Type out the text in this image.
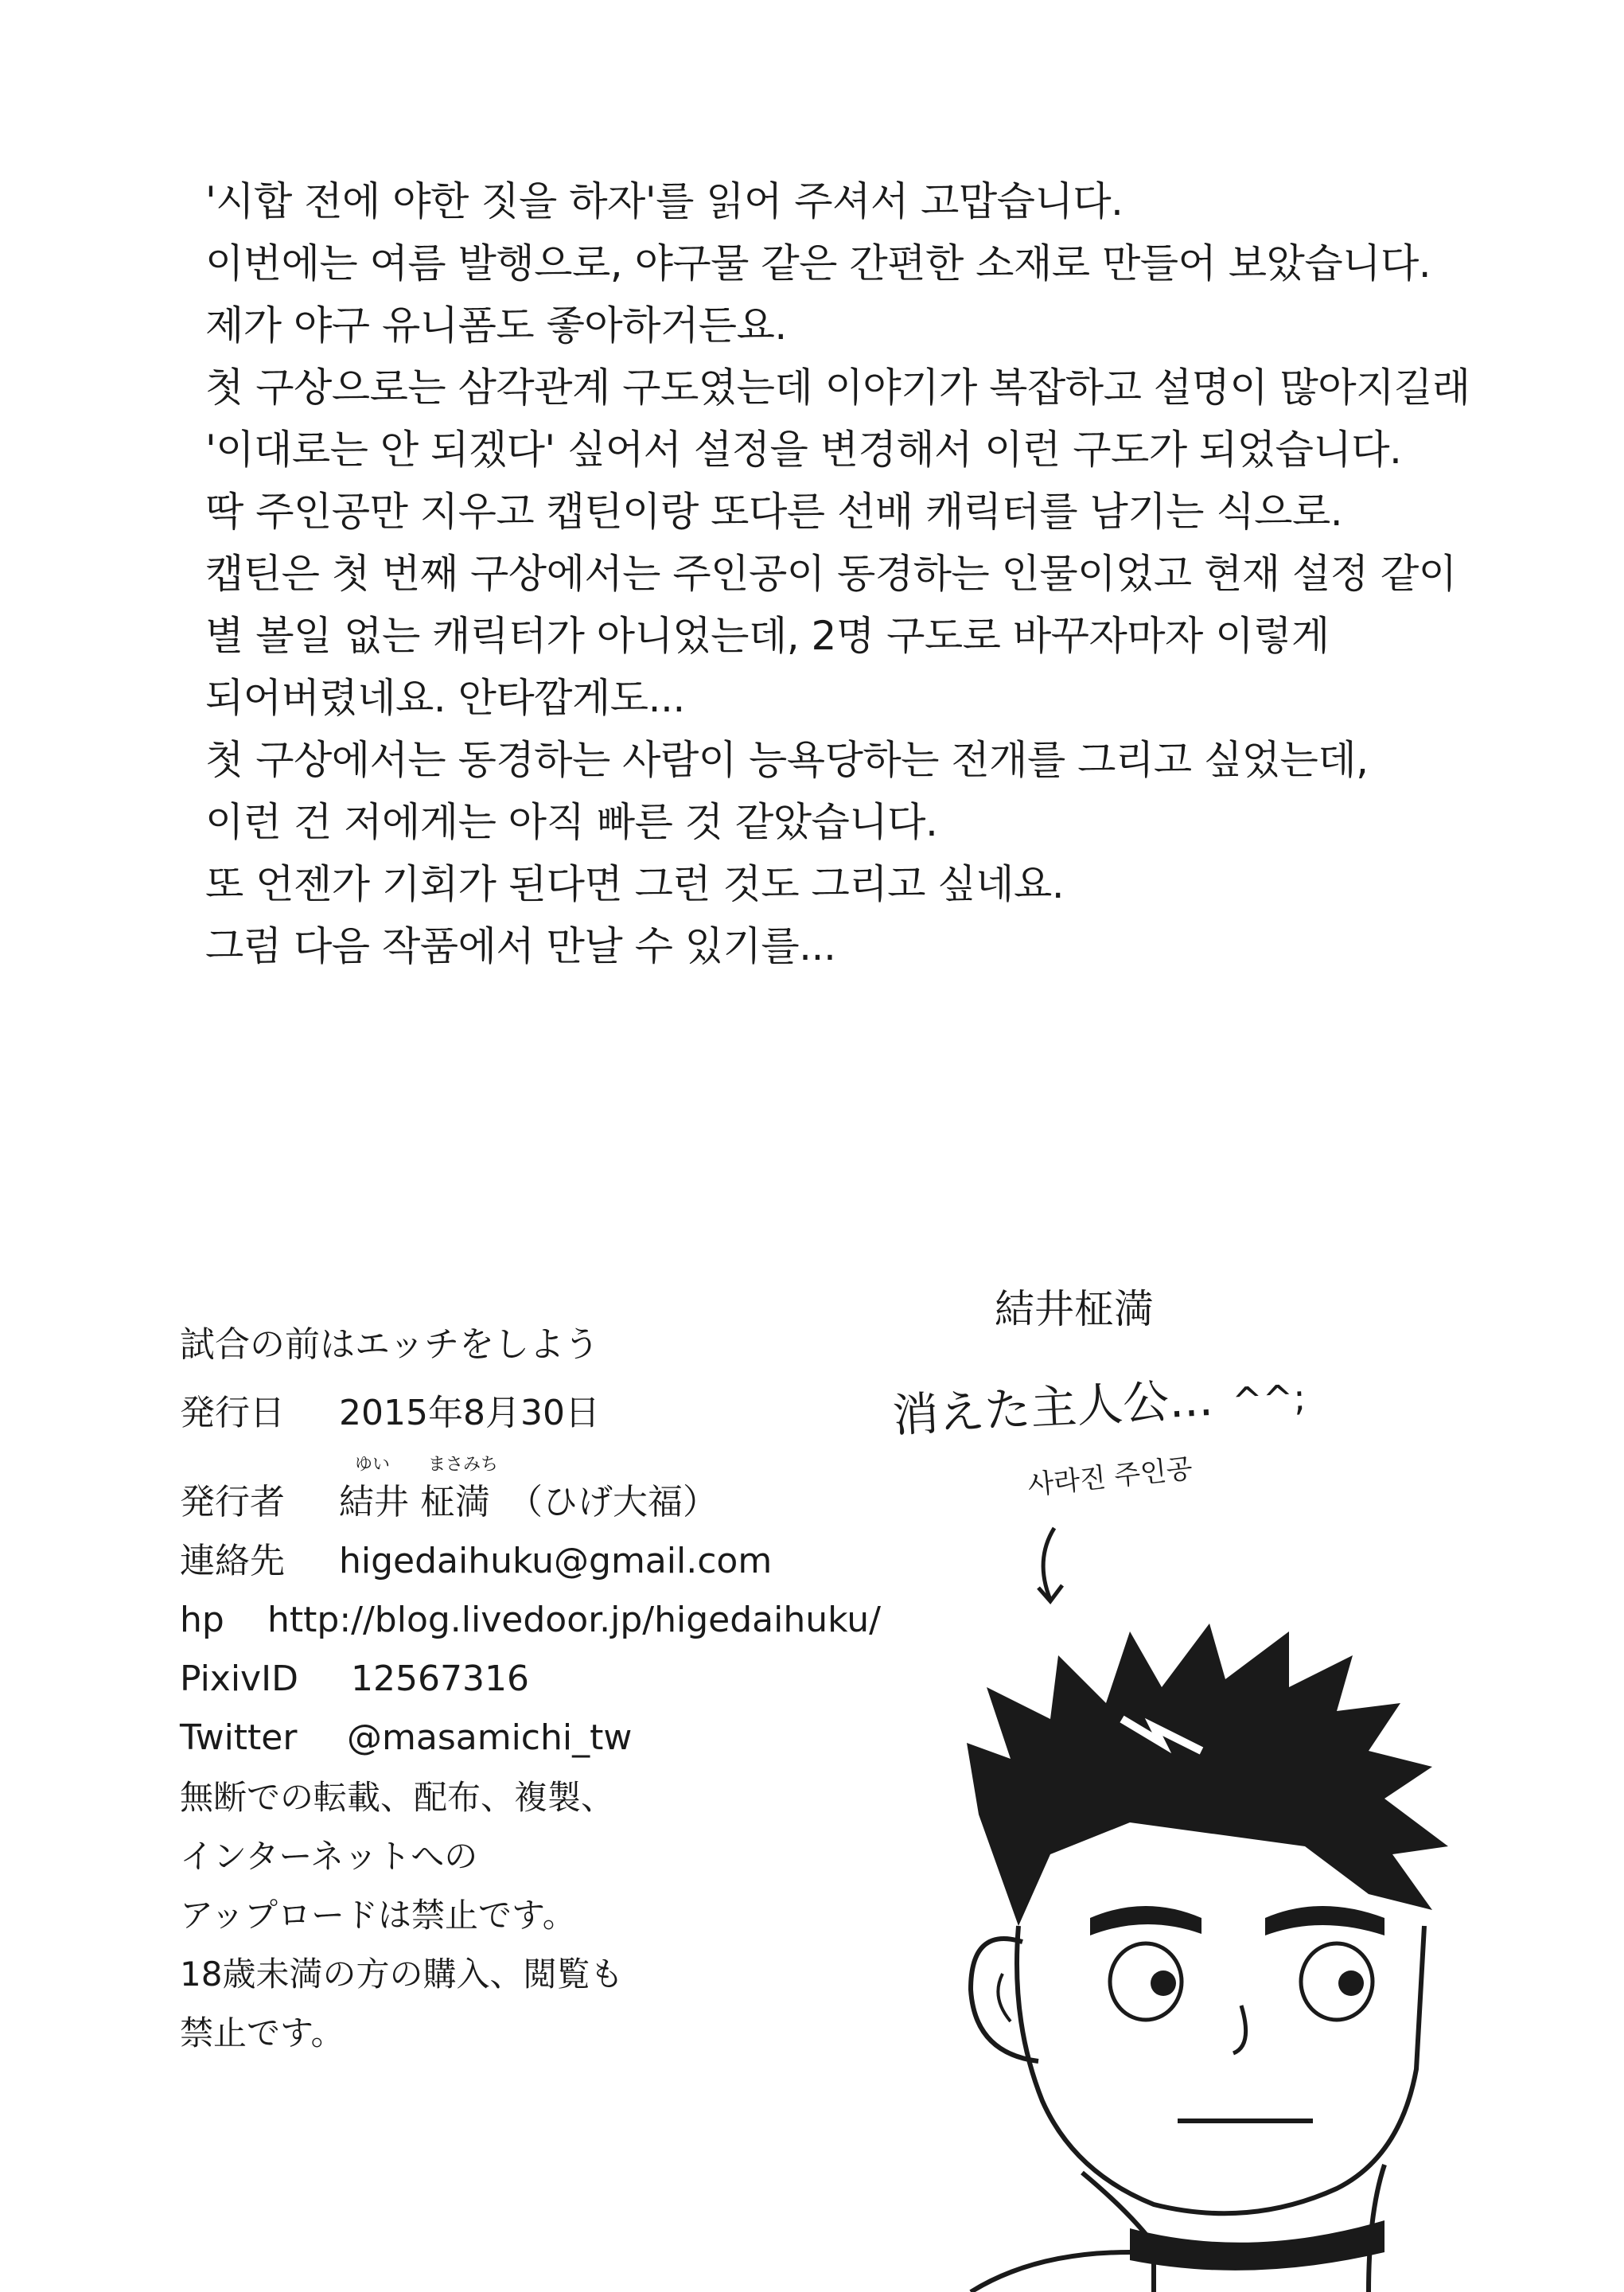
'시합 전에 야한 짓을 하자'를 읽어 주셔서 고맙습니다.
이번에는 여름 발행으로, 야구물 같은 간편한 소재로 만들어 보았습니다.
제가 야구 유니폼도 좋아하거든요.
첫 구상으로는 삼각관계 구도였는데 이야기가 복잡하고 설명이 많아지길래
'이대로는 안 되겠다' 싶어서 설정을 변경해서 이런 구도가 되었습니다.
딱 주인공만 지우고 캡틴이랑 또다른 선배 캐릭터를 남기는 식으로.
캡틴은 첫 번째 구상에서는 주인공이 동경하는 인물이었고 현재 설정 같이
별 볼일 없는 캐릭터가 아니었는데, 2명 구도로 바꾸자마자 이렇게
되어버렸네요. 안타깝게도...
첫 구상에서는 동경하는 사람이 능욕당하는 전개를 그리고 싶었는데,
이런 건 저에게는 아직 빠른 것 같았습니다.
또 언젠가 기회가 된다면 그런 것도 그리고 싶네요.
그럼 다음 작품에서 만날 수 있기를...
結井柾満
試合の前はエッチをしよう
発行日 2015年8月30日
発行者
ゆい まさみち
結井 柾満　（ひげ大福）
連絡先 higedaihuku@gmail.com
hp http://blog.livedoor.jp/higedaihuku/
PixivID 12567316
Twitter @masamichi_tw
無断での転載、配布、複製、
インターネットへの
アップロードは禁止です。
18歳未満の方の購入、閲覧も
禁止です。
消えた主人公... ^^;
사라진 주인공
